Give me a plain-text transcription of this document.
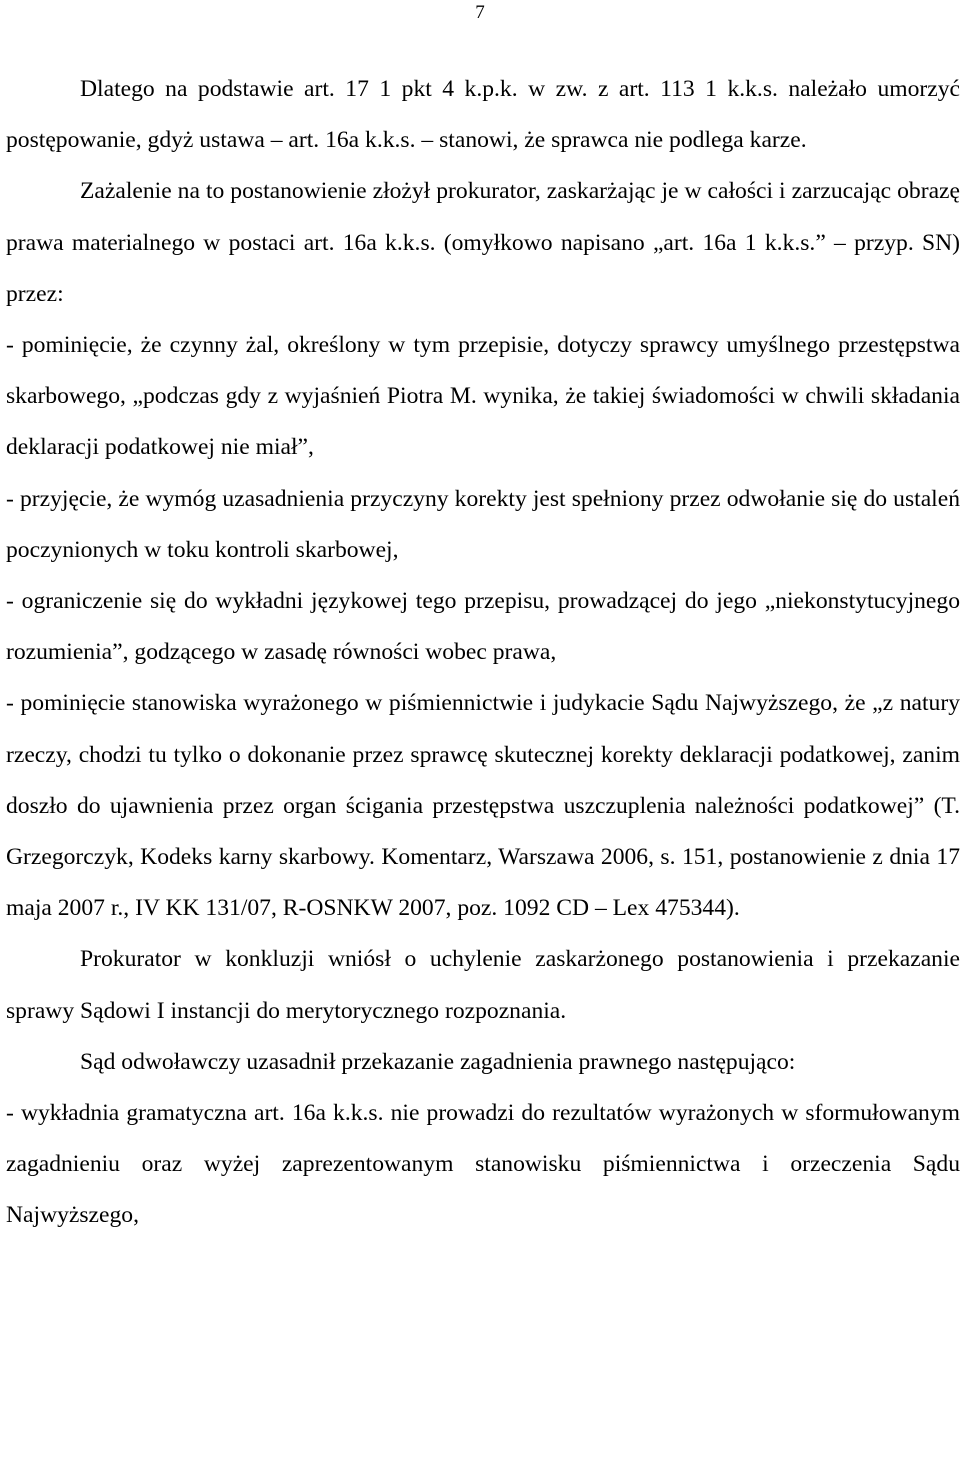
7

Dlatego na podstawie art. 17 1 pkt 4 k.p.k. w zw. z art. 113 1 k.k.s. należało umorzyć postępowanie, gdyż ustawa – art. 16a k.k.s. – stanowi, że sprawca nie podlega karze.

Zażalenie na to postanowienie złożył prokurator, zaskarżając je w całości i zarzucając obrazę prawa materialnego w postaci art. 16a k.k.s. (omyłkowo napisano „art. 16a 1 k.k.s.” – przyp. SN) przez:

- pominięcie, że czynny żal, określony w tym przepisie, dotyczy sprawcy umyślnego przestępstwa skarbowego, „podczas gdy z wyjaśnień Piotra M. wynika, że takiej świadomości w chwili składania deklaracji podatkowej nie miał”,

- przyjęcie, że wymóg uzasadnienia przyczyny korekty jest spełniony przez odwołanie się do ustaleń poczynionych w toku kontroli skarbowej,

- ograniczenie się do wykładni językowej tego przepisu, prowadzącej do jego „niekonstytucyjnego rozumienia”, godzącego w zasadę równości wobec prawa,

- pominięcie stanowiska wyrażonego w piśmiennictwie i judykacie Sądu Najwyższego, że „z natury rzeczy, chodzi tu tylko o dokonanie przez sprawcę skutecznej korekty deklaracji podatkowej, zanim doszło do ujawnienia przez organ ścigania przestępstwa uszczuplenia należności podatkowej” (T. Grzegorczyk, Kodeks karny skarbowy. Komentarz, Warszawa 2006, s. 151, postanowienie z dnia 17 maja 2007 r., IV KK 131/07, R-OSNKW 2007, poz. 1092 CD – Lex 475344).

Prokurator w konkluzji wniósł o uchylenie zaskarżonego postanowienia i przekazanie sprawy Sądowi I instancji do merytorycznego rozpoznania.

Sąd odwoławczy uzasadnił przekazanie zagadnienia prawnego następująco:

- wykładnia gramatyczna art. 16a k.k.s. nie prowadzi do rezultatów wyrażonych w sformułowanym zagadnieniu oraz wyżej zaprezentowanym stanowisku piśmiennictwa i orzeczenia Sądu Najwyższego,
